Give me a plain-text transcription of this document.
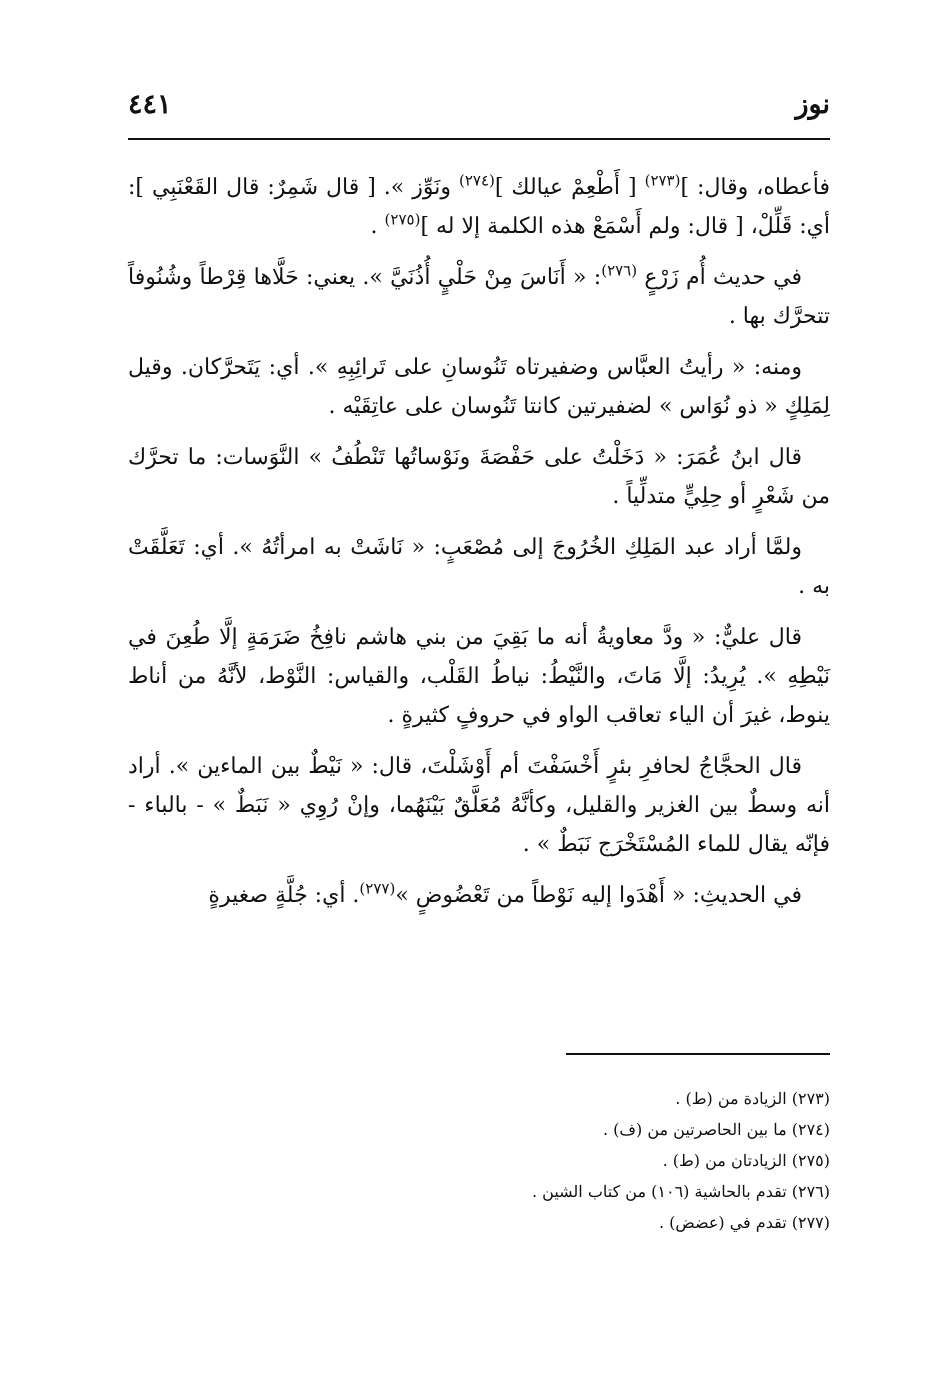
نوز
٤٤١

فأعطاه، وقال: ]$^{(٢٧٣)}$ [ أَطْعِمْ عيالك ]$^{(٢٧٤)}$ ونَوِّز ». [ قال شَمِرٌ: قال القَعْنَبِي ]: أي: قَلِّلْ، [ قال: ولم أَسْمَعْ هذه الكلمة إلا له ]$^{(٢٧٥)}$ .

في حديث أُم زَرْعٍ $^{(٢٧٦)}$: « أَنَاسَ مِنْ حَلْيٍ أُذُنَيَّ ». يعني: حَلَّاها قِرْطاً وشُنُوفاً تتحرَّك بها .

ومنه: « رأيتُ العبَّاس وضفيرتاه تَنُوسانِ على تَرائِبِهِ ». أي: يَتَحرَّكان. وقيل لِمَلِكٍ « ذو نُوَاس » لضفيرتين كانتا تَنُوسان على عاتِقَيْه .

قال ابنُ عُمَرَ: « دَخَلْتُ على حَفْصَةَ ونَوْساتُها تَنْطُفُ » النَّوَسات: ما تحرَّك من شَعْرٍ أو حِلِيٍّ متدلِّياً .

ولمَّا أراد عبد المَلِكِ الخُرُوجَ إلى مُصْعَبٍ: « نَاشَتْ به امرأتُهُ ». أي: تَعَلَّقَتْ به .

قال عليٌّ: « ودَّ معاويةُ أنه ما بَقِيَ من بني هاشم نافِخُ ضَرَمَةٍ إلَّا طُعِنَ في نَيْطِهِ ». يُرِيدُ: إلَّا مَاتَ، والنَّيْطُ: نياطُ القَلْب، والقياس: النَّوْط، لأنَّهُ من أناط ينوط، غيرَ أن الياء تعاقب الواو في حروفٍ كثيرةٍ .

قال الحجَّاجُ لحافرِ بئرٍ أَخْسَفْتَ أم أَوْشَلْتَ، قال: « نَيْطٌ بين الماءين ». أراد أنه وسطٌ بين الغزير والقليل، وكأنَّهُ مُعَلَّقٌ بَيْنَهُما، وإنْ رُوِي « نَبَطٌ » - بالباء - فإنّه يقال للماء المُسْتَخْرَج نَبَطٌ » .

في الحديثِ: « أَهْدَوا إليه نَوْطاً من تَعْضُوضٍ »$^{(٢٧٧)}$. أي: جُلَّةٍ صغيرةٍ

(٢٧٣) الزيادة من (ط) .

(٢٧٤) ما بين الحاصرتين من (ف) .

(٢٧٥) الزيادتان من (ط) .

(٢٧٦) تقدم بالحاشية (١٠٦) من كتاب الشين .

(٢٧٧) تقدم في (عضض) .
